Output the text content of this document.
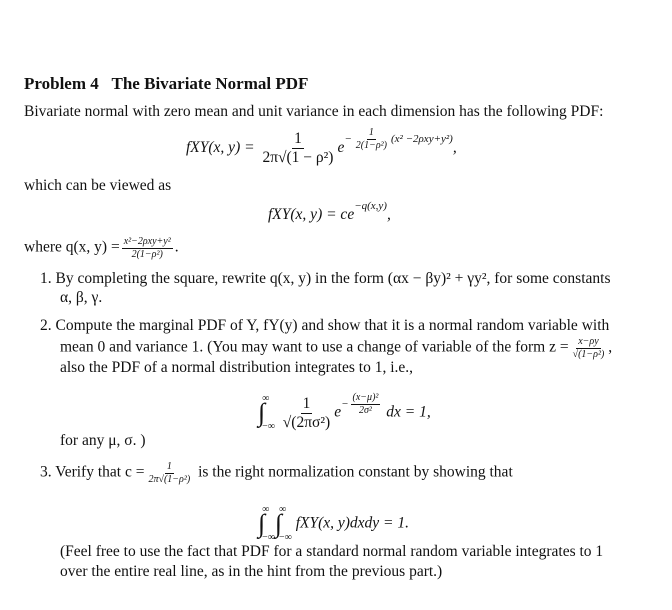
Problem 4 The Bivariate Normal PDF
Bivariate normal with zero mean and unit variance in each dimension has the following PDF:
fXY(x, $y) = \frac{1}{\text{2π√(1 − ρ²)}} e^{- \frac{1}{\text{2(1−ρ²)}} (x^2 -2\rho xy+y^2)}$,
which can be viewed as
fXY(x, $y) = ce^{-q(x,y)}$,
where q(x, y) = x²−2ρxy+y²
2(1−ρ²) .
1. By completing the square, rewrite q(x, y) in the form (αx − βy)² + γy², for some constants
α, β, γ.
2. Compute the marginal PDF of Y, fY(y) and show that it is a normal random variable with
mean 0 and variance 1. (You may want to use a change of variable of the form $z = \frac{x-\rho y}{\text{√(1−ρ²)}}$ ,
also the PDF of a normal distribution integrates to 1, i.e.,
∫
∞
−∞
$\frac{1}{\text{√(2πσ²)}} e^{- \frac{\text{(x−μ)²}}{\text{2σ²}}}$ dx = 1,
for any μ, σ. )
3. Verify that $c = \frac{1}{\text{2π√(1−ρ²)}}$ is the right normalization constant by showing that
∫
∞
−∞ ∫
∞
−∞
fXY(x, y)dxdy = 1.
(Feel free to use the fact that PDF for a standard normal random variable integrates to 1
over the entire real line, as in the hint from the previous part.)
